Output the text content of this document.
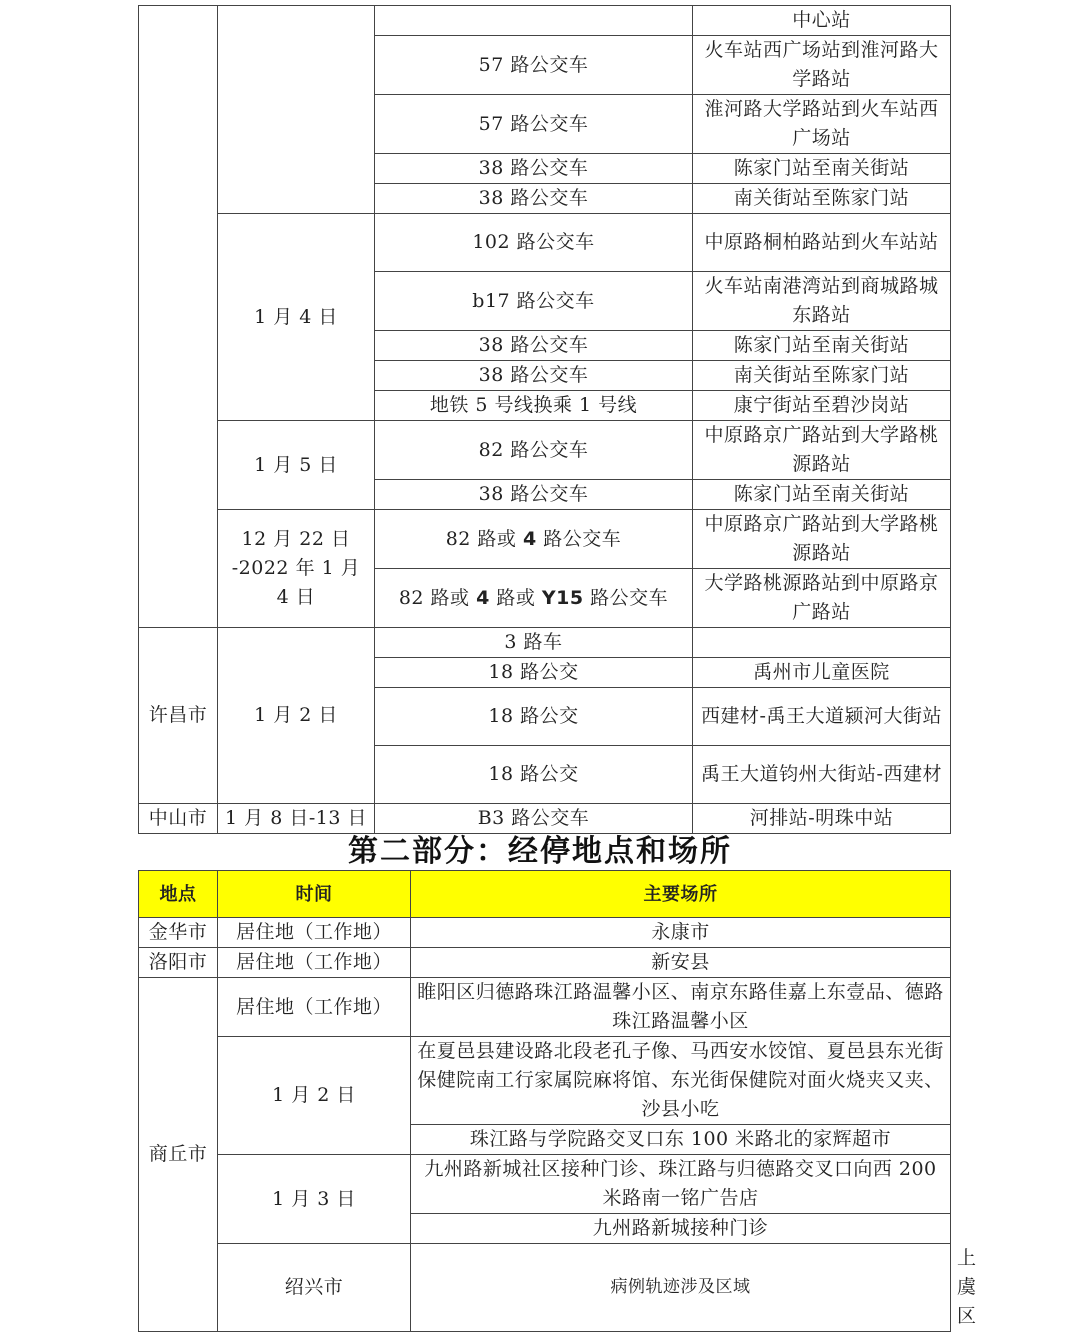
			中心站
		57 路公交车	火车站西广场站到淮河路大学路站
		57 路公交车	淮河路大学路站到火车站西广场站
		38 路公交车	陈家门站至南关街站
		38 路公交车	南关街站至陈家门站
	1 月 4 日	102 路公交车	中原路桐柏路站到火车站站
		b17 路公交车	火车站南港湾站到商城路城东路站
		38 路公交车	陈家门站至南关街站
		38 路公交车	南关街站至陈家门站
		地铁 5 号线换乘 1 号线	康宁街站至碧沙岗站
	1 月 5 日	82 路公交车	中原路京广路站到大学路桃源路站
		38 路公交车	陈家门站至南关街站
	12 月 22 日 -2022 年 1 月 4 日	82 路或 4 路公交车	中原路京广路站到大学路桃源路站
		82 路或 4 路或 Y15 路公交车	大学路桃源路站到中原路京广路站
许昌市	1 月 2 日	3 路车	
		18 路公交	禹州市儿童医院
		18 路公交	西建材-禹王大道颍河大街站
		18 路公交	禹王大道钧州大街站-西建材
中山市	1 月 8 日-13 日	B3 路公交车	河排站-明珠中站
第二部分：经停地点和场所
地点	时间	主要场所	
金华市	居住地（工作地）	永康市	
洛阳市	居住地（工作地）	新安县	
商丘市	居住地（工作地）	睢阳区归德路珠江路温馨小区、南京东路佳嘉上东壹品、德路珠江路温馨小区	
	1 月 2 日	在夏邑县建设路北段老孔子像、马西安水饺馆、夏邑县东光街保健院南工行家属院麻将馆、东光街保健院对面火烧夹又夹、沙县小吃	
		珠江路与学院路交叉口东 100 米路北的家辉超市	
	1 月 3 日	九州路新城社区接种门诊、珠江路与归德路交叉口向西 200 米路南一铭广告店	
		九州路新城接种门诊	
	绍兴市	病例轨迹涉及区域	上虞区
